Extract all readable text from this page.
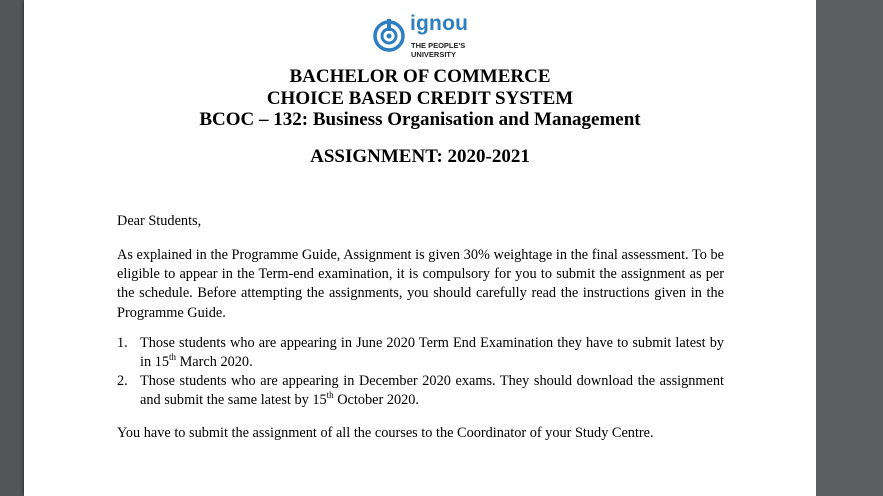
ignou
THE PEOPLE'S
UNIVERSITY
BACHELOR OF COMMERCE
CHOICE BASED CREDIT SYSTEM
BCOC – 132: Business Organisation and Management
ASSIGNMENT: 2020-2021
Dear Students,
As explained in the Programme Guide, Assignment is given 30% weightage in the final assessment. To be eligible to appear in the Term-end examination, it is compulsory for you to submit the assignment as per the schedule. Before attempting the assignments, you should carefully read the instructions given in the Programme Guide.
1. Those students who are appearing in June 2020 Term End Examination they have to submit latest by in 15th March 2020.
2. Those students who are appearing in December 2020 exams. They should download the assignment and submit the same latest by 15th October 2020.
You have to submit the assignment of all the courses to the Coordinator of your Study Centre.
